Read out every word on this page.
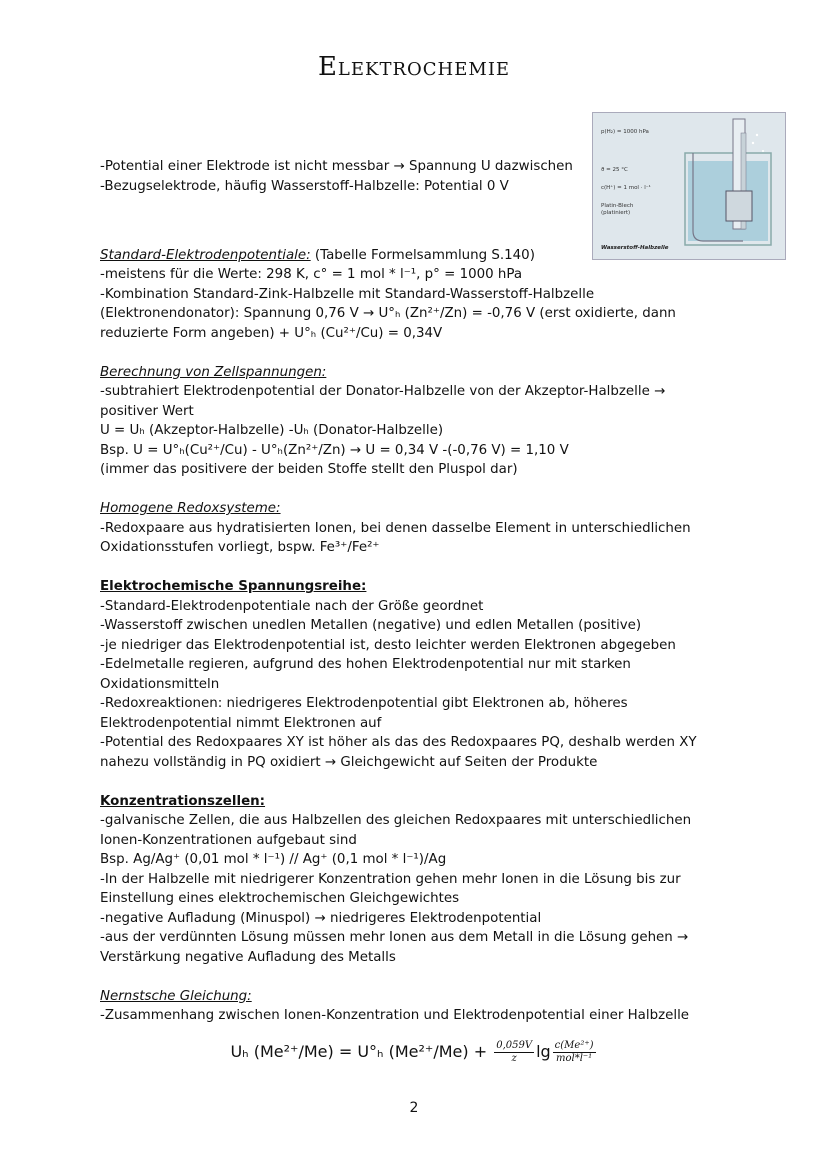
Elektrochemie
p(H₂) = 1000 hPa
ϑ = 25 °C
c(H⁺) = 1 mol · l⁻¹
Platin-Blech
(platiniert)
Wasserstoff-Halbzelle
-Potential einer Elektrode ist nicht messbar → Spannung U dazwischen
-Bezugselektrode, häufig Wasserstoff-Halbzelle: Potential 0 V
Standard-Elektrodenpotentiale: (Tabelle Formelsammlung S.140)
-meistens für die Werte: 298 K, c° = 1 mol * l⁻¹, p° = 1000 hPa
-Kombination Standard-Zink-Halbzelle mit Standard-Wasserstoff-Halbzelle
(Elektronendonator): Spannung 0,76 V → U°ₕ (Zn²⁺/Zn) = -0,76 V (erst oxidierte, dann
reduzierte Form angeben) + U°ₕ (Cu²⁺/Cu) = 0,34V
Berechnung von Zellspannungen:
-subtrahiert Elektrodenpotential der Donator-Halbzelle von der Akzeptor-Halbzelle →
positiver Wert
U = Uₕ (Akzeptor-Halbzelle) -Uₕ (Donator-Halbzelle)
Bsp. U = U°ₕ(Cu²⁺/Cu) - U°ₕ(Zn²⁺/Zn) → U = 0,34 V -(-0,76 V) = 1,10 V
(immer das positivere der beiden Stoffe stellt den Pluspol dar)
Homogene Redoxsysteme:
-Redoxpaare aus hydratisierten Ionen, bei denen dasselbe Element in unterschiedlichen
Oxidationsstufen vorliegt, bspw. Fe³⁺/Fe²⁺
Elektrochemische Spannungsreihe:
-Standard-Elektrodenpotentiale nach der Größe geordnet
-Wasserstoff zwischen unedlen Metallen (negative) und edlen Metallen (positive)
-je niedriger das Elektrodenpotential ist, desto leichter werden Elektronen abgegeben
-Edelmetalle regieren, aufgrund des hohen Elektrodenpotential nur mit starken
Oxidationsmitteln
-Redoxreaktionen: niedrigeres Elektrodenpotential gibt Elektronen ab, höheres
Elektrodenpotential nimmt Elektronen auf
-Potential des Redoxpaares XY ist höher als das des Redoxpaares PQ, deshalb werden XY
nahezu vollständig in PQ oxidiert → Gleichgewicht auf Seiten der Produkte
Konzentrationszellen:
-galvanische Zellen, die aus Halbzellen des gleichen Redoxpaares mit unterschiedlichen
Ionen-Konzentrationen aufgebaut sind
Bsp. Ag/Ag⁺ (0,01 mol * l⁻¹) // Ag⁺ (0,1 mol * l⁻¹)/Ag
-In der Halbzelle mit niedrigerer Konzentration gehen mehr Ionen in die Lösung bis zur
Einstellung eines elektrochemischen Gleichgewichtes
-negative Aufladung (Minuspol) → niedrigeres Elektrodenpotential
-aus der verdünnten Lösung müssen mehr Ionen aus dem Metall in die Lösung gehen →
Verstärkung negative Aufladung des Metalls
Nernstsche Gleichung:
-Zusammenhang zwischen Ionen-Konzentration und Elektrodenpotential einer Halbzelle
Uₕ (Me²⁺/Me) = U°ₕ $(Me^{2+}/Me) + \frac{0,059V}{z}$ $\lg \frac{\text{c(Me²⁺)}}{\text{mol*l⁻¹}}$
2
